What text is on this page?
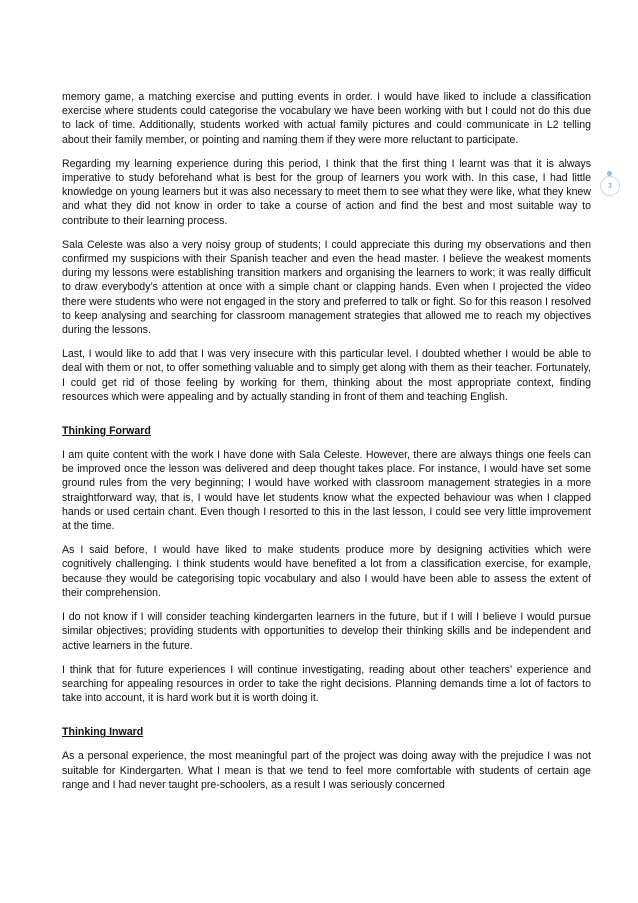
3

memory game, a matching exercise and putting events in order. I would have liked to include a classification exercise where students could categorise the vocabulary we have been working with but I could not do this due to lack of time. Additionally, students worked with actual family pictures and could communicate in L2 telling about their family member, or pointing and naming them if they were more reluctant to participate.

Regarding my learning experience during this period, I think that the first thing I learnt was that it is always imperative to study beforehand what is best for the group of learners you work with. In this case, I had little knowledge on young learners but it was also necessary to meet them to see what they were like, what they knew and what they did not know in order to take a course of action and find the best and most suitable way to contribute to their learning process.

Sala Celeste was also a very noisy group of students; I could appreciate this during my observations and then confirmed my suspicions with their Spanish teacher and even the head master. I believe the weakest moments during my lessons were establishing transition markers and organising the learners to work; it was really difficult to draw everybody’s attention at once with a simple chant or clapping hands. Even when I projected the video there were students who were not engaged in the story and preferred to talk or fight. So for this reason I resolved to keep analysing and searching for classroom management strategies that allowed me to reach my objectives during the lessons.

Last, I would like to add that I was very insecure with this particular level. I doubted whether I would be able to deal with them or not, to offer something valuable and to simply get along with them as their teacher. Fortunately, I could get rid of those feeling by working for them, thinking about the most appropriate context, finding resources which were appealing and by actually standing in front of them and teaching English.

Thinking Forward

I am quite content with the work I have done with Sala Celeste. However, there are always things one feels can be improved once the lesson was delivered and deep thought takes place. For instance, I would have set some ground rules from the very beginning; I would have worked with classroom management strategies in a more straightforward way, that is, I would have let students know what the expected behaviour was when I clapped hands or used certain chant. Even though I resorted to this in the last lesson, I could see very little improvement at the time.

As I said before, I would have liked to make students produce more by designing activities which were cognitively challenging. I think students would have benefited a lot from a classification exercise, for example, because they would be categorising topic vocabulary and also I would have been able to assess the extent of their comprehension.

I do not know if I will consider teaching kindergarten learners in the future, but if I will I believe I would pursue similar objectives; providing students with opportunities to develop their thinking skills and be independent and active learners in the future.

I think that for future experiences I will continue investigating, reading about other teachers’ experience and searching for appealing resources in order to take the right decisions. Planning demands time a lot of factors to take into account, it is hard work but it is worth doing it.

Thinking Inward

As a personal experience, the most meaningful part of the project was doing away with the prejudice I was not suitable for Kindergarten. What I mean is that we tend to feel more comfortable with students of certain age range and I had never taught pre-schoolers, as a result I was seriously concerned
